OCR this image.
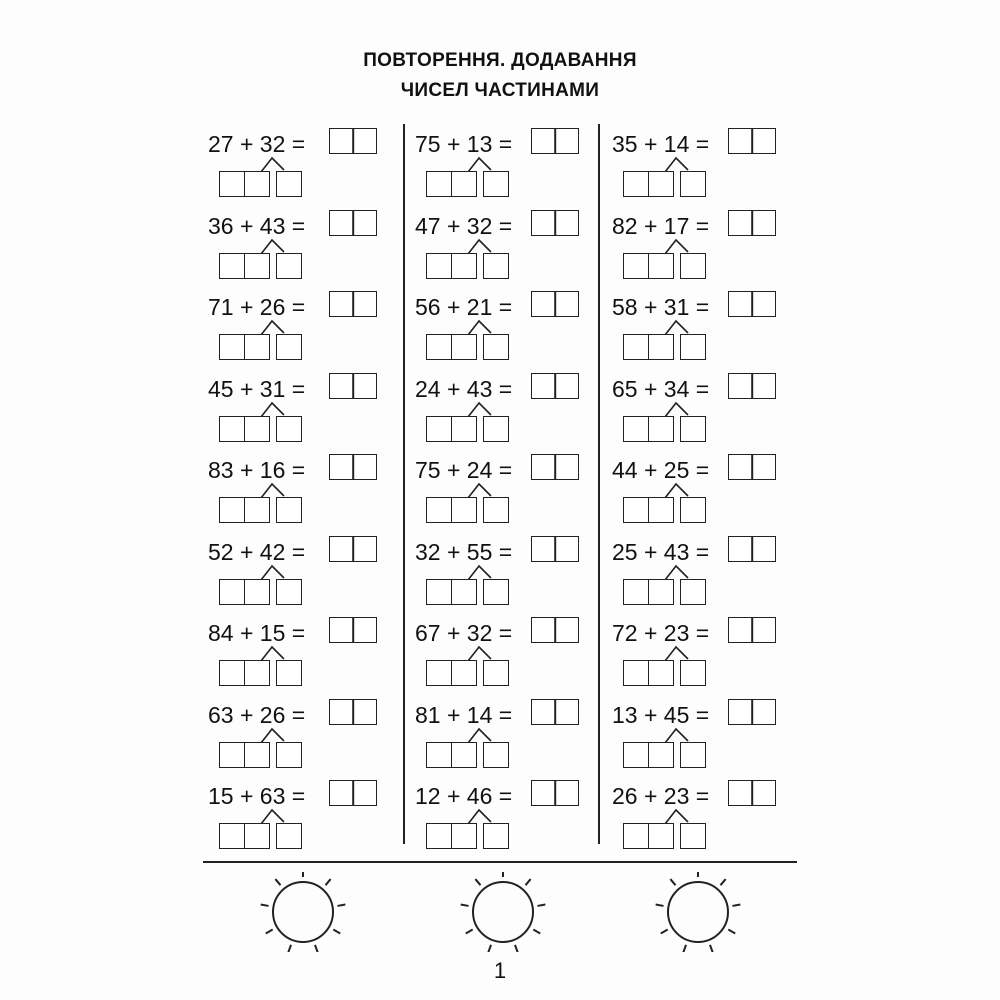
ПОВТОРЕННЯ. ДОДАВАННЯ
ЧИСЕЛ ЧАСТИНАМИ
27 + 32 =
36 + 43 =
71 + 26 =
45 + 31 =
83 + 16 =
52 + 42 =
84 + 15 =
63 + 26 =
15 + 63 =
75 + 13 =
47 + 32 =
56 + 21 =
24 + 43 =
75 + 24 =
32 + 55 =
67 + 32 =
81 + 14 =
12 + 46 =
35 + 14 =
82 + 17 =
58 + 31 =
65 + 34 =
44 + 25 =
25 + 43 =
72 + 23 =
13 + 45 =
26 + 23 =
1
